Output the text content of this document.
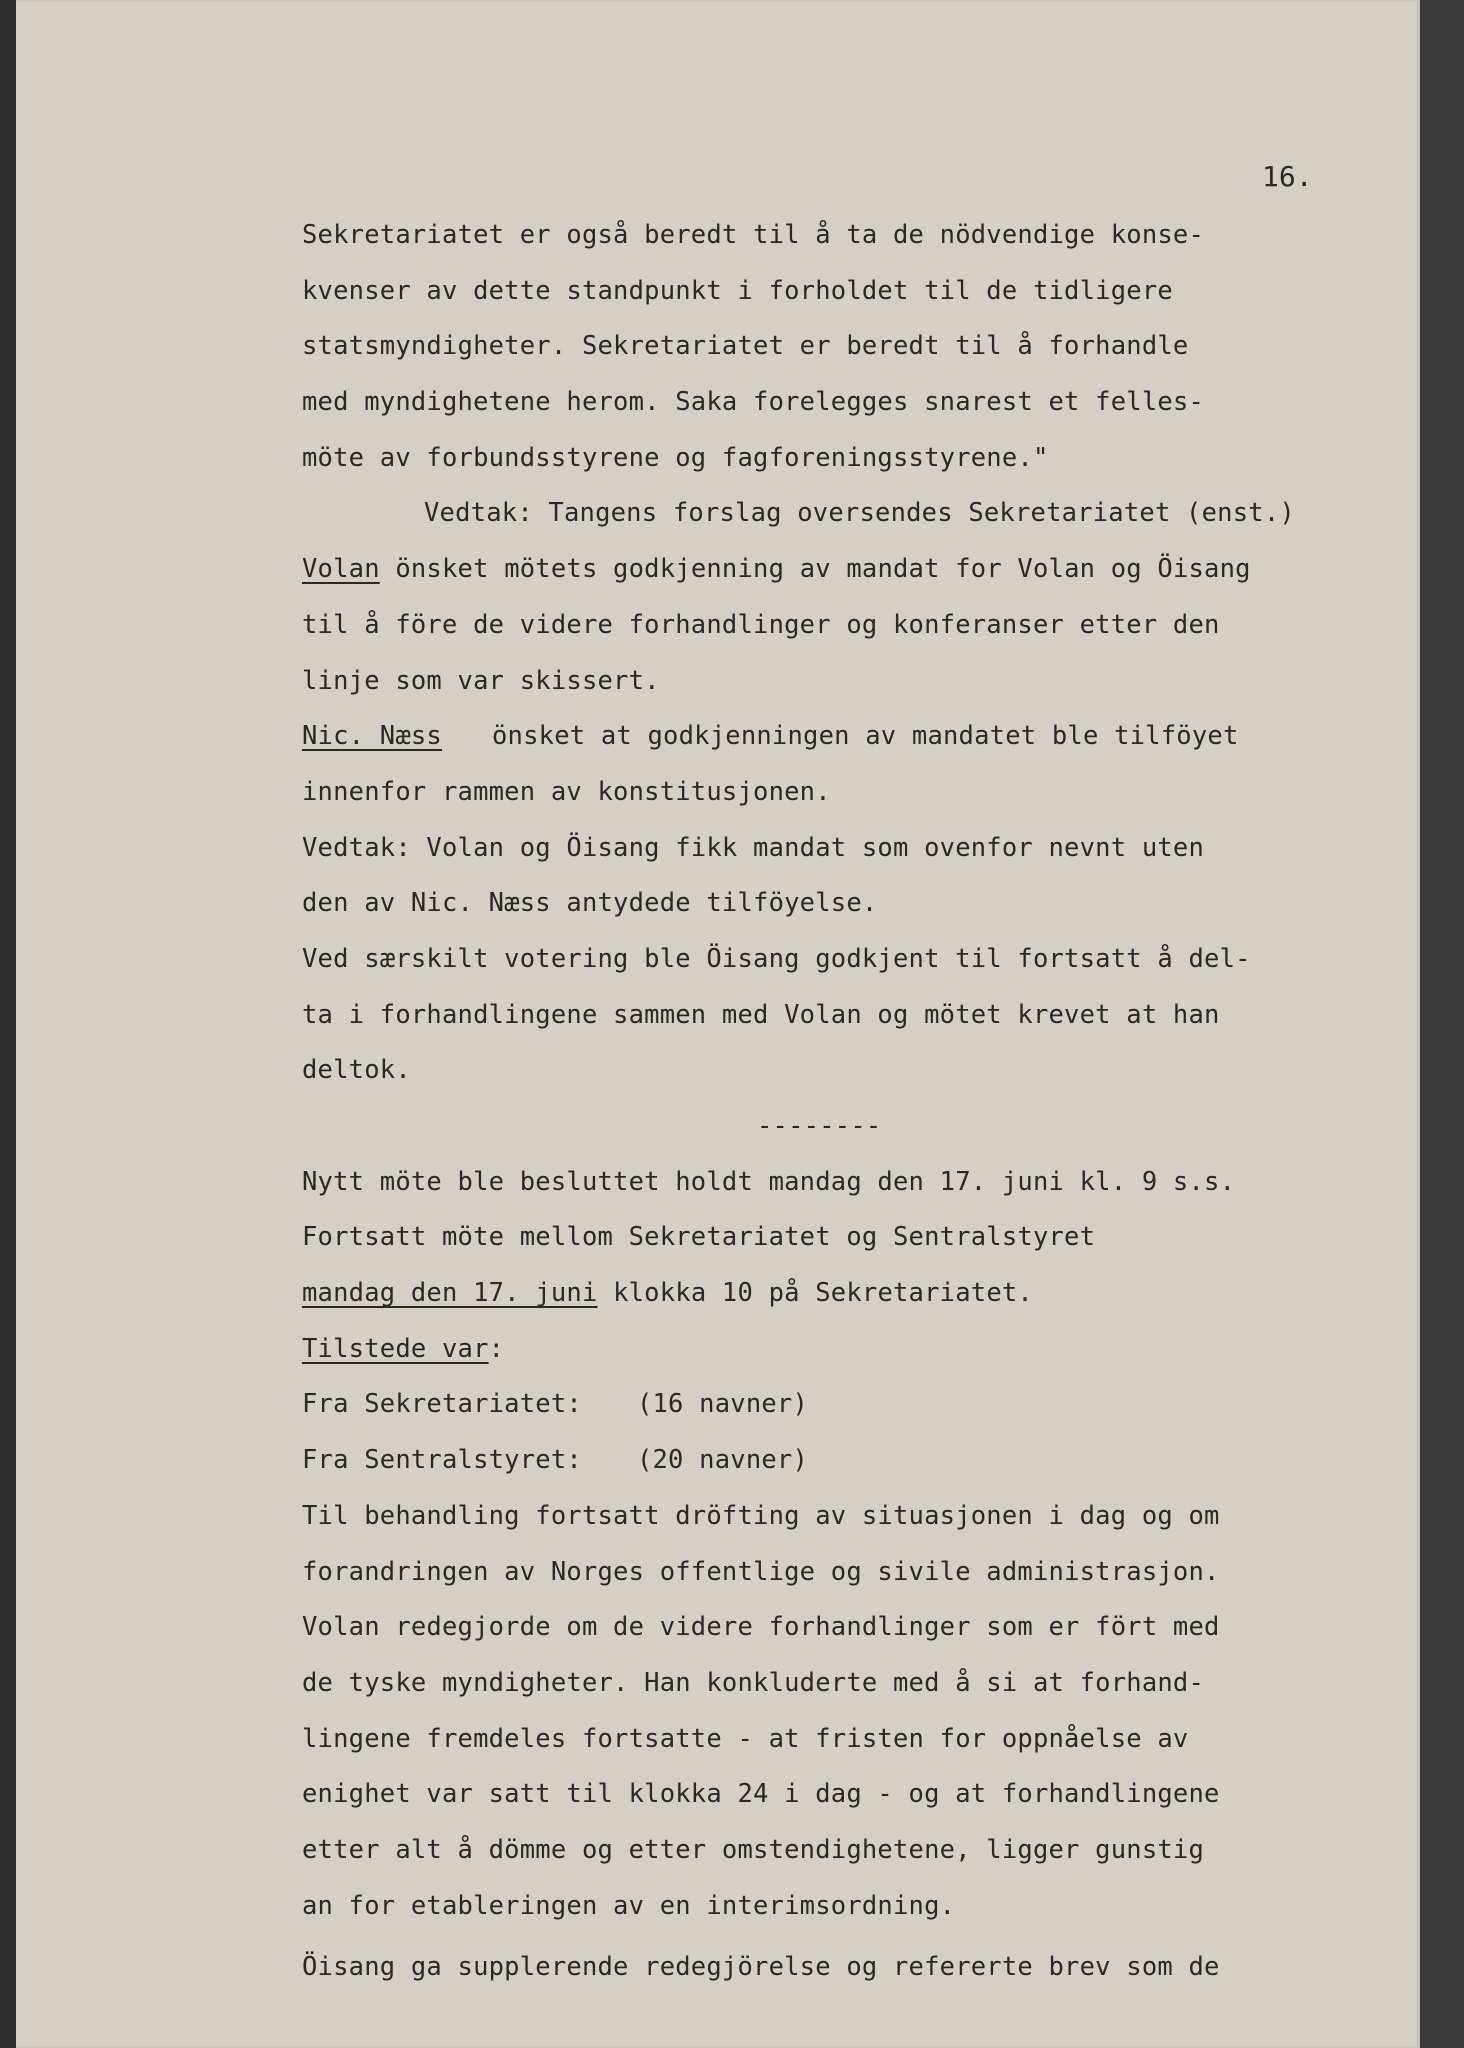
16.
Sekretariatet er også beredt til å ta de nödvendige konse-
kvenser av dette standpunkt i forholdet til de tidligere
statsmyndigheter. Sekretariatet er beredt til å forhandle
med myndighetene herom. Saka forelegges snarest et felles-
möte av forbundsstyrene og fagforeningsstyrene."
Vedtak: Tangens forslag oversendes Sekretariatet (enst.)
Volan önsket mötets godkjenning av mandat for Volan og Öisang
til å före de videre forhandlinger og konferanser etter den
linje som var skissert.
Nic. Næss önsket at godkjenningen av mandatet ble tilföyet
innenfor rammen av konstitusjonen.
Vedtak: Volan og Öisang fikk mandat som ovenfor nevnt uten
den av Nic. Næss antydede tilföyelse.
Ved særskilt votering ble Öisang godkjent til fortsatt å del-
ta i forhandlingene sammen med Volan og mötet krevet at han
deltok.
--------
Nytt möte ble besluttet holdt mandag den 17. juni kl. 9 s.s.
Fortsatt möte mellom Sekretariatet og Sentralstyret
mandag den 17. juni klokka 10 på Sekretariatet.
Tilstede var:
Fra Sekretariatet: (16 navner)
Fra Sentralstyret: (20 navner)
Til behandling fortsatt dröfting av situasjonen i dag og om
forandringen av Norges offentlige og sivile administrasjon.
Volan redegjorde om de videre forhandlinger som er fört med
de tyske myndigheter. Han konkluderte med å si at forhand-
lingene fremdeles fortsatte - at fristen for oppnåelse av
enighet var satt til klokka 24 i dag - og at forhandlingene
etter alt å dömme og etter omstendighetene, ligger gunstig
an for etableringen av en interimsordning.
Öisang ga supplerende redegjörelse og refererte brev som de
